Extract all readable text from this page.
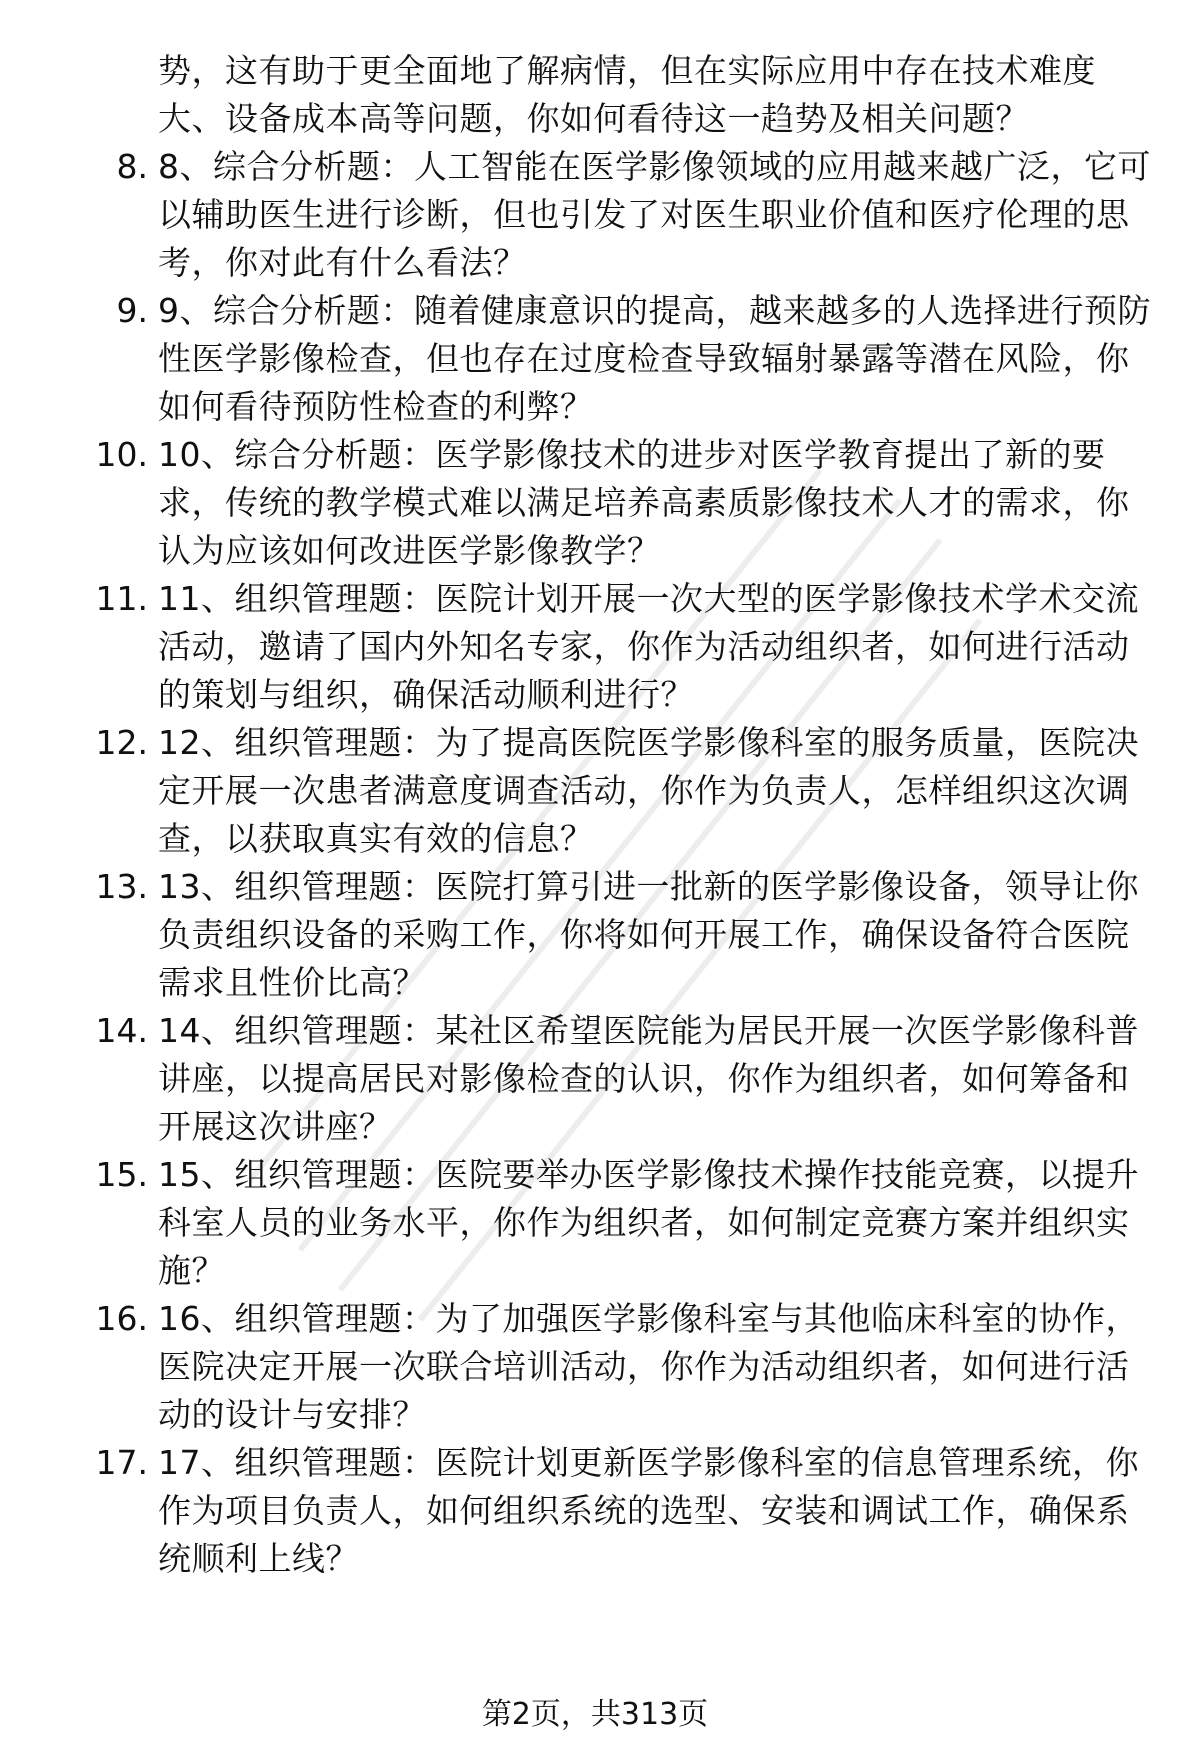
势，这有助于更全面地了解病情，但在实际应用中存在技术难度大、设备成本高等问题，你如何看待这一趋势及相关问题？
8. 8、综合分析题：人工智能在医学影像领域的应用越来越广泛，它可以辅助医生进行诊断，但也引发了对医生职业价值和医疗伦理的思考，你对此有什么看法？
9. 9、综合分析题：随着健康意识的提高，越来越多的人选择进行预防性医学影像检查，但也存在过度检查导致辐射暴露等潜在风险，你如何看待预防性检查的利弊？
10. 10、综合分析题：医学影像技术的进步对医学教育提出了新的要求，传统的教学模式难以满足培养高素质影像技术人才的需求，你认为应该如何改进医学影像教学？
11. 11、组织管理题：医院计划开展一次大型的医学影像技术学术交流活动，邀请了国内外知名专家，你作为活动组织者，如何进行活动的策划与组织，确保活动顺利进行？
12. 12、组织管理题：为了提高医院医学影像科室的服务质量，医院决定开展一次患者满意度调查活动，你作为负责人，怎样组织这次调查，以获取真实有效的信息？
13. 13、组织管理题：医院打算引进一批新的医学影像设备，领导让你负责组织设备的采购工作，你将如何开展工作，确保设备符合医院需求且性价比高？
14. 14、组织管理题：某社区希望医院能为居民开展一次医学影像科普讲座，以提高居民对影像检查的认识，你作为组织者，如何筹备和开展这次讲座？
15. 15、组织管理题：医院要举办医学影像技术操作技能竞赛，以提升科室人员的业务水平，你作为组织者，如何制定竞赛方案并组织实施？
16. 16、组织管理题：为了加强医学影像科室与其他临床科室的协作，医院决定开展一次联合培训活动，你作为活动组织者，如何进行活动的设计与安排？
17. 17、组织管理题：医院计划更新医学影像科室的信息管理系统，你作为项目负责人，如何组织系统的选型、安装和调试工作，确保系统顺利上线？
第2页，共313页
